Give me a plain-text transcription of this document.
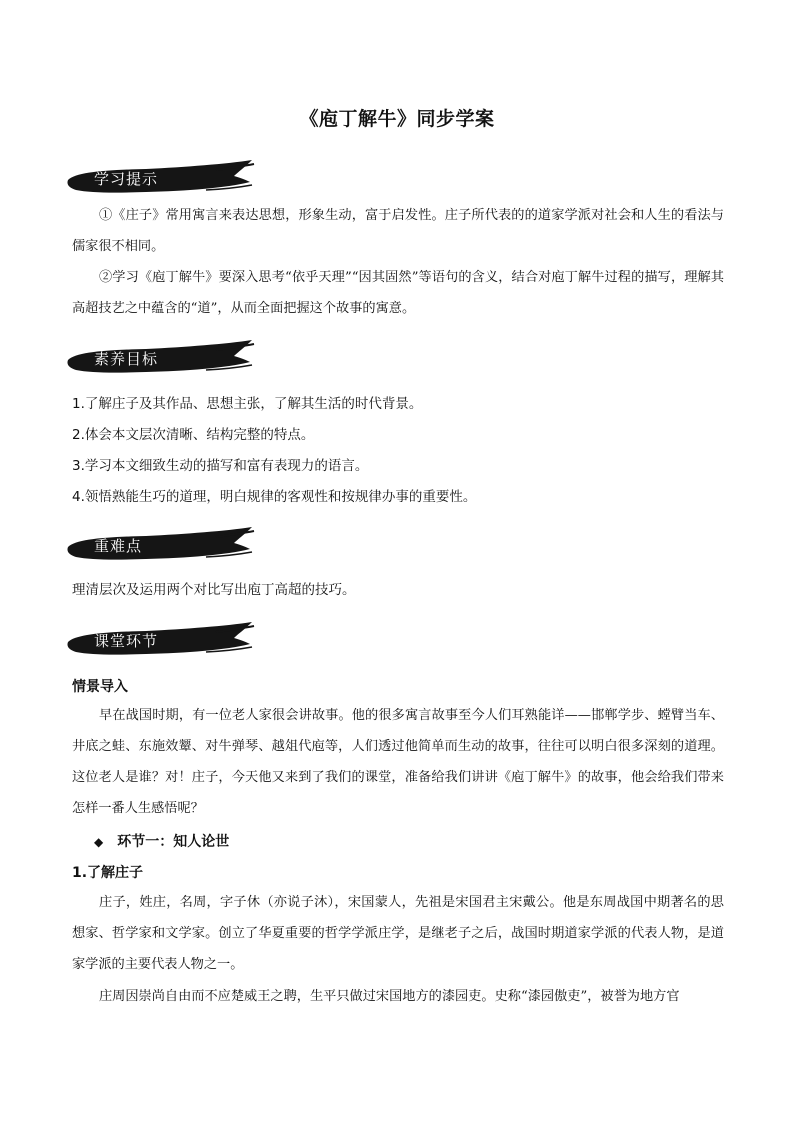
《庖丁解牛》同步学案
学习提示
①《庄子》常用寓言来表达思想，形象生动，富于启发性。庄子所代表的的道家学派对社会和人生的看法与儒家很不相同。
②学习《庖丁解牛》要深入思考“依乎天理”“因其固然”等语句的含义，结合对庖丁解牛过程的描写，理解其高超技艺之中蕴含的“道”，从而全面把握这个故事的寓意。
素养目标
1.了解庄子及其作品、思想主张，了解其生活的时代背景。
2.体会本文层次清晰、结构完整的特点。
3.学习本文细致生动的描写和富有表现力的语言。
4.领悟熟能生巧的道理，明白规律的客观性和按规律办事的重要性。
重难点
理清层次及运用两个对比写出庖丁高超的技巧。
课堂环节
情景导入
早在战国时期，有一位老人家很会讲故事。他的很多寓言故事至今人们耳熟能详——邯郸学步、螳臂当车、井底之蛙、东施效颦、对牛弹琴、越俎代庖等，人们透过他简单而生动的故事，往往可以明白很多深刻的道理。这位老人是谁？对！庄子，今天他又来到了我们的课堂，准备给我们讲讲《庖丁解牛》的故事，他会给我们带来怎样一番人生感悟呢？
◆ 环节一：知人论世
1.了解庄子
庄子，姓庄，名周，字子休（亦说子沐），宋国蒙人，先祖是宋国君主宋戴公。他是东周战国中期著名的思想家、哲学家和文学家。创立了华夏重要的哲学学派庄学，是继老子之后，战国时期道家学派的代表人物，是道家学派的主要代表人物之一。
庄周因崇尚自由而不应楚威王之聘，生平只做过宋国地方的漆园吏。史称“漆园傲吏”，被誉为地方官
